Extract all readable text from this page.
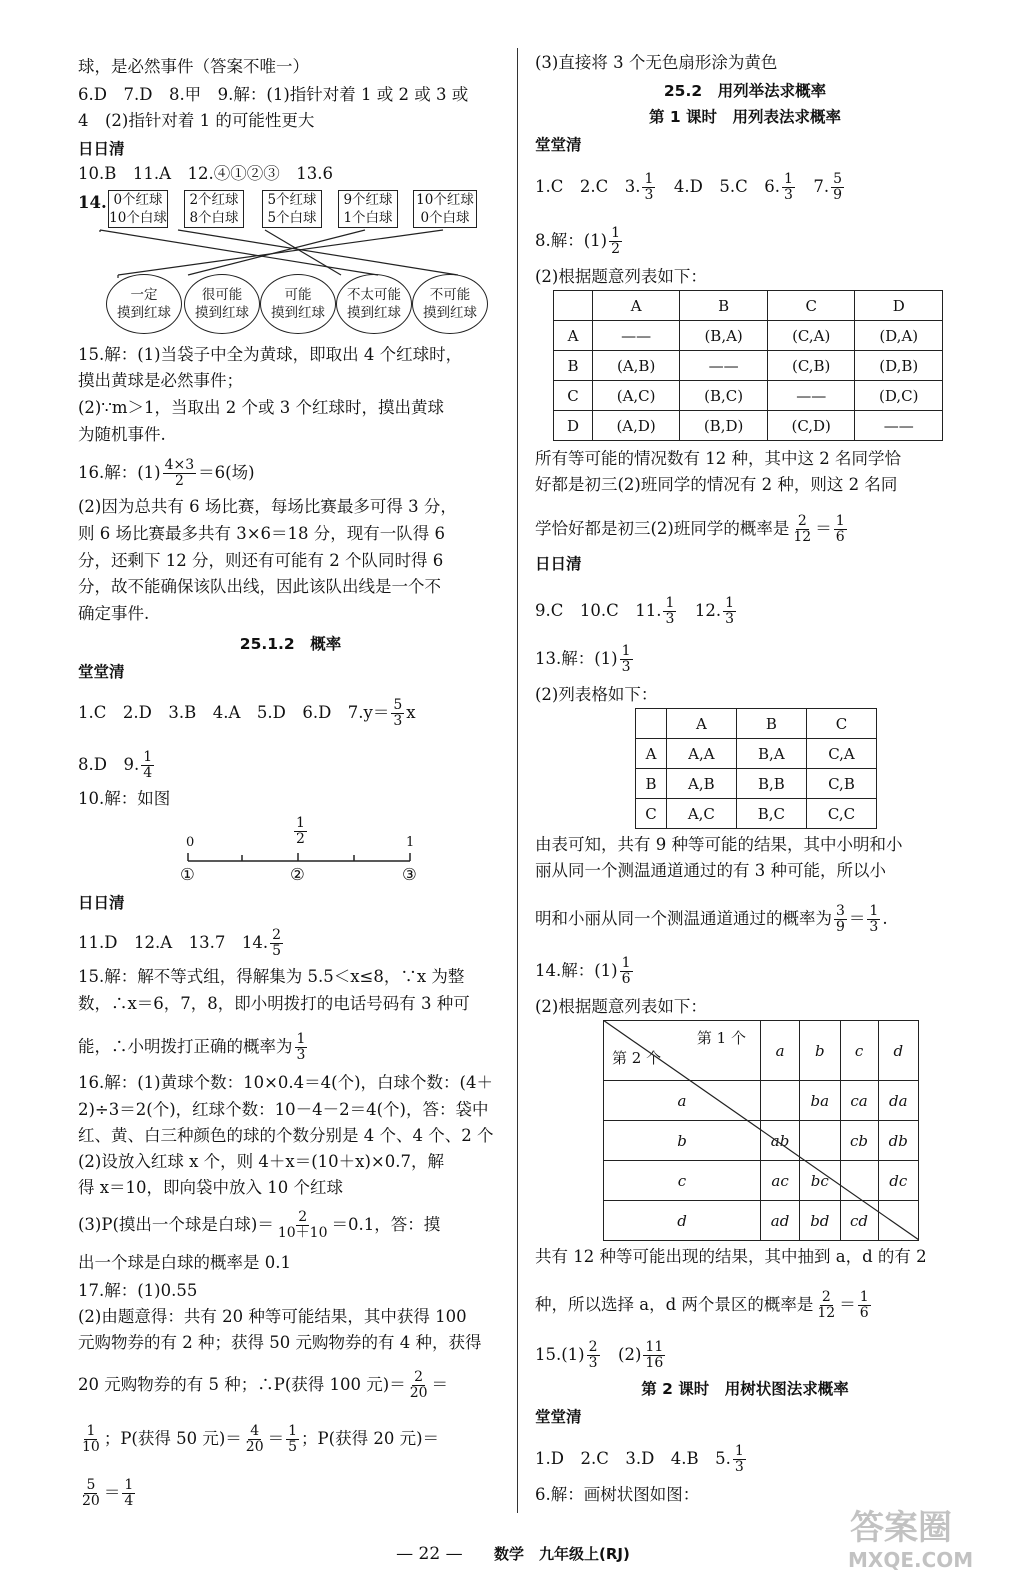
球，是必然事件（答案不唯一）
6.D　7.D　8.甲　9.解：(1)指针对着 1 或 2 或 3 或
4　(2)指针对着 1 的可能性更大
日日清
10.B　11.A　12.④①②③　13.6
14. 0个红球
10个白球
2个红球
8个白球
5个红球
5个白球
9个红球
1个白球
10个红球
0个白球
一定
摸到红球
很可能
摸到红球
可能
摸到红球
不太可能
摸到红球
不可能
摸到红球
15.解：(1)当袋子中全为黄球，即取出 4 个红球时，
摸出黄球是必然事件；
(2)∵m＞1，当取出 2 个或 3 个红球时，摸出黄球
为随机事件.
16.解：$(1) \frac{4\times 3}{2} =6$(场)
(2)因为总共有 6 场比赛，每场比赛最多可得 3 分，
则 6 场比赛最多共有 3×6＝18 分，现有一队得 6
分，还剩下 12 分，则还有可能有 2 个队同时得 6
分，故不能确保该队出线，因此该队出线是一个不
确定事件.
25.1.2　概率
堂堂清
1.C　2.D　3.B　4.A　5.D　6.D　$7.y= \frac{5}{3}$ x
8.D　9. $\frac{1}{4}$
10.解：如图
0	$\frac{1}{2}$	1
①	②	③
日日清
11.D　12.A　13.7　14. $\frac{2}{5}$
15.解：解不等式组，得解集为 5.5＜x≤8，∵x 为整
数，∴x＝6，7，8，即小明拨打的电话号码有 3 种可
能，∴小明拨打正确的概率为 $\frac{1}{3}$
16.解：(1)黄球个数：10×0.4＝4(个)，白球个数：(4＋
2)÷3＝2(个)，红球个数：10－4－2＝4(个)，答：袋中
红、黄、白三种颜色的球的个数分别是 4 个、4 个、2 个
(2)设放入红球 x 个，则 4＋x＝(10＋x)×0.7，解
得 x＝10，即向袋中放入 10 个红球
(3)P(摸出一个球是白球)＝ $\frac{2}{10+10} =0.1$，答：摸
出一个球是白球的概率是 0.1
17.解：(1)0.55
(2)由题意得：共有 20 种等可能结果，其中获得 100
元购物券的有 2 种；获得 50 元购物券的有 4 种，获得
20 元购物券的有 5 种；∴P(获得 100 元)＝ $\frac{2}{20}$ ＝
$\frac{1}{10}$ ；P(获得 50 元)＝ $\frac{4}{20} = \frac{1}{5}$ ；P(获得 20 元)＝
$\frac{5}{20} = \frac{1}{4}$
(3)直接将 3 个无色扇形涂为黄色
25.2　用列举法求概率
第 1 课时　用列表法求概率
堂堂清
1.C　2.C　3. $\frac{1}{3}$ 　4.D　5.C　6. $\frac{1}{3}$ 　7. $\frac{5}{9}$
8.解：$(1) \frac{1}{2}$
(2)根据题意列表如下：
	A	B	C	D
A	——	(B,A)	(C,A)	(D,A)
B	(A,B)	——	(C,B)	(D,B)
C	(A,C)	(B,C)	——	(D,C)
D	(A,D)	(B,D)	(C,D)	——
所有等可能的情况数有 12 种，其中这 2 名同学恰
好都是初三(2)班同学的情况有 2 种，则这 2 名同
学恰好都是初三(2)班同学的概率是 $\frac{2}{12} = \frac{1}{6}$
日日清
9.C　10.C　11. $\frac{1}{3}$ 　12. $\frac{1}{3}$
13.解：$(1) \frac{1}{3}$
(2)列表格如下：
	A	B	C
A	A,A	B,A	C,A
B	A,B	B,B	C,B
C	A,C	B,C	C,C
由表可知，共有 9 种等可能的结果，其中小明和小
丽从同一个测温通道通过的有 3 种可能，所以小
明和小丽从同一个测温通道通过的概率为 $\frac{3}{9} = \frac{1}{3}$ .
14.解：$(1) \frac{1}{6}$
(2)根据题意列表如下：
第 1 个
第 2 个	a	b	c	d
a		ba	ca	da
b	ab		cb	db
c	ac	bc		dc
d	ad	bd	cd	
共有 12 种等可能出现的结果，其中抽到 a，d 的有 2
种，所以选择 a，d 两个景区的概率是 $\frac{2}{12} = \frac{1}{6}$
$15.(1) \frac{2}{3}$ 　$(2) \frac{11}{16}$
第 2 课时　用树状图法求概率
堂堂清
1.D　2.C　3.D　4.B　5. $\frac{1}{3}$
6.解：画树状图如图：
— 22 — 数学　九年级上(RJ)
答案圈
MXQE.COM
